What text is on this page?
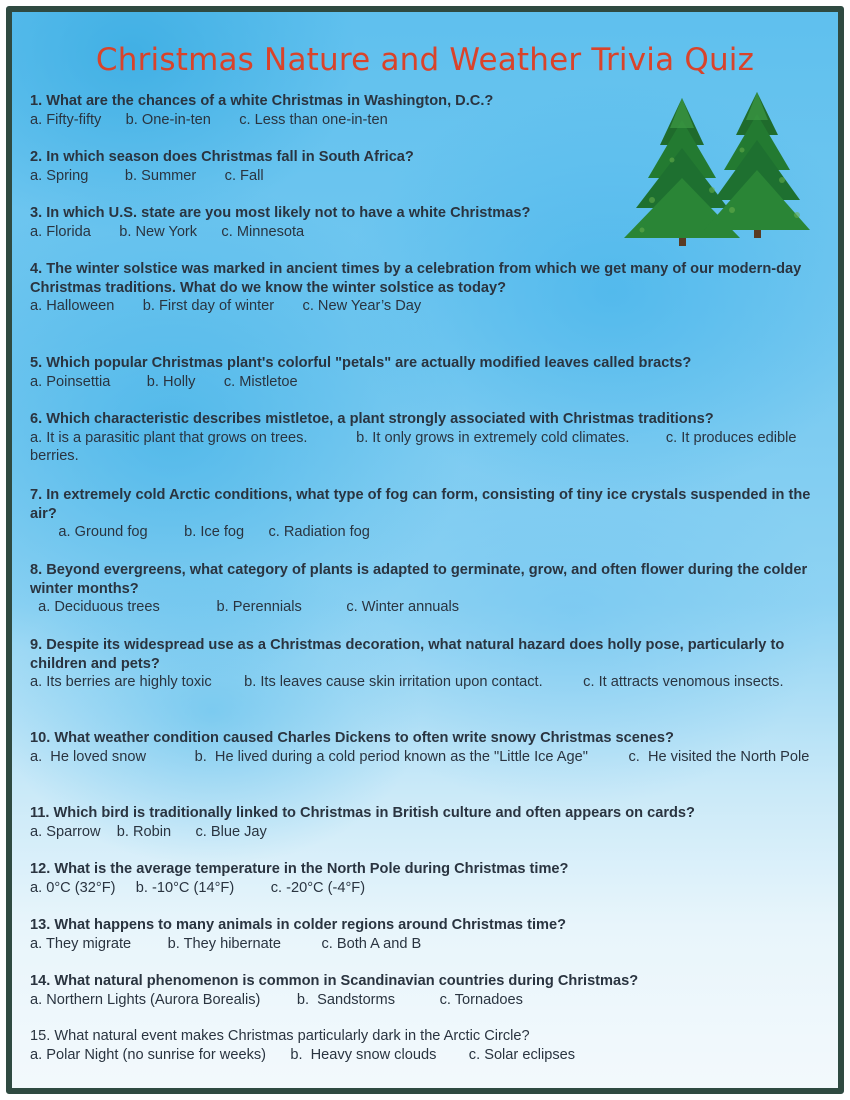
Christmas Nature and Weather Trivia Quiz
1. What are the chances of a white Christmas in Washington, D.C.?
a. Fifty-fifty      b. One-in-ten       c. Less than one-in-ten
2. In which season does Christmas fall in South Africa?
a. Spring         b. Summer       c. Fall
3. In which U.S. state are you most likely not to have a white Christmas?
a. Florida       b. New York      c. Minnesota
4. The winter solstice was marked in ancient times by a celebration from which we get many of our modern-day Christmas traditions. What do we know the winter solstice as today?
a. Halloween       b. First day of winter       c. New Year’s Day
5. Which popular Christmas plant's colorful "petals" are actually modified leaves called bracts?
a. Poinsettia         b. Holly       c. Mistletoe
6. Which characteristic describes mistletoe, a plant strongly associated with Christmas traditions?
a. It is a parasitic plant that grows on trees.            b. It only grows in extremely cold climates.         c. It produces edible berries.
7. In extremely cold Arctic conditions, what type of fog can form, consisting of tiny ice crystals suspended in the air?
a. Ground fog         b. Ice fog      c. Radiation fog
8. Beyond evergreens, what category of plants is adapted to germinate, grow, and often flower during the colder winter months?
a. Deciduous trees              b. Perennials           c. Winter annuals
9. Despite its widespread use as a Christmas decoration, what natural hazard does holly pose, particularly to children and pets?
a. Its berries are highly toxic        b. Its leaves cause skin irritation upon contact.          c. It attracts venomous insects.
10. What weather condition caused Charles Dickens to often write snowy Christmas scenes?
a.  He loved snow            b.  He lived during a cold period known as the "Little Ice Age"          c.  He visited the North Pole
11. Which bird is traditionally linked to Christmas in British culture and often appears on cards?
a. Sparrow    b. Robin      c. Blue Jay
12. What is the average temperature in the North Pole during Christmas time?
a. 0°C (32°F)     b. -10°C (14°F)         c. -20°C (-4°F)
13. What happens to many animals in colder regions around Christmas time?
a. They migrate         b. They hibernate          c. Both A and B
14. What natural phenomenon is common in Scandinavian countries during Christmas?
a. Northern Lights (Aurora Borealis)         b.  Sandstorms           c. Tornadoes
15. What natural event makes Christmas particularly dark in the Arctic Circle?
a. Polar Night (no sunrise for weeks)      b.  Heavy snow clouds        c. Solar eclipses
